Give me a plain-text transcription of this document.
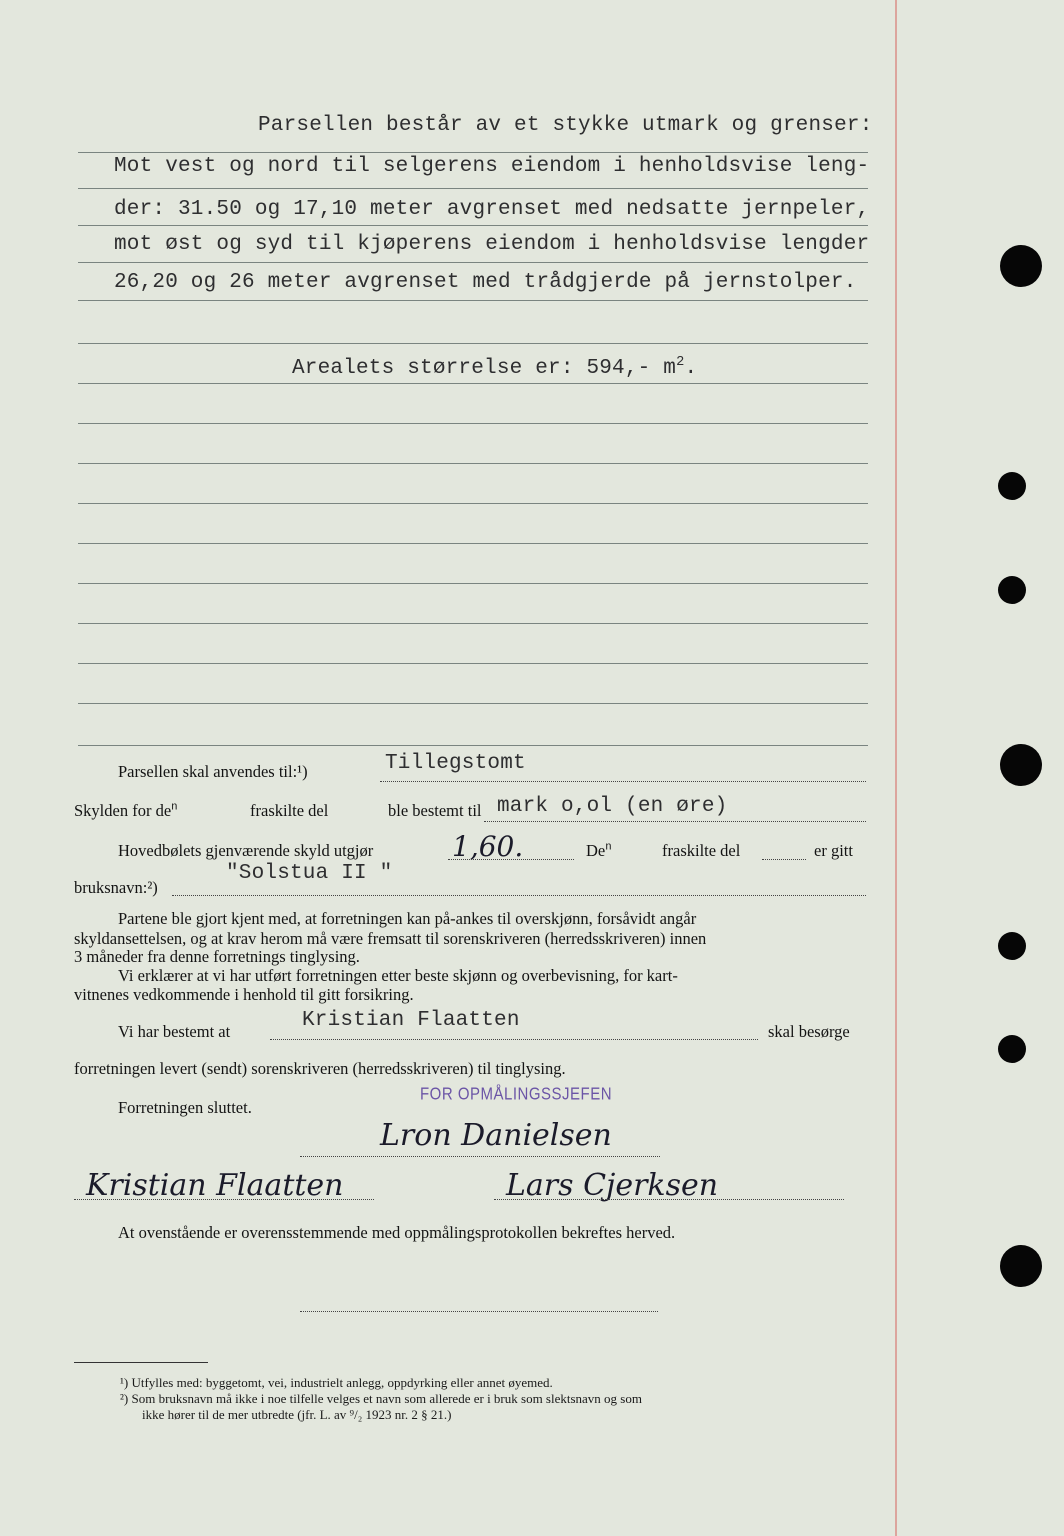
Parsellen består av et stykke utmark og grenser:
Mot vest og nord til selgerens eiendom i henholdsvise leng-
der: 31.50 og 17,10 meter avgrenset med nedsatte jernpeler,
mot øst og syd til kjøperens eiendom i henholdsvise lengder
26,20 og 26 meter avgrenset med trådgjerde på jernstolper.
Arealets størrelse er: 594,- $m^2$.
Parsellen skal anvendes til:¹)	Tillegstomt
Skylden for $de^n$	fraskilte del	ble bestemt til mark o,ol (en øre)
Hovedbølets gjenværende skyld utgjør	1,60.	De$^n$	fraskilte del	er gitt
bruksnavn:²)
"Solstua II "
Partene ble gjort kjent med, at forretningen kan på-ankes til overskjønn, forsåvidt angår
skyldansettelsen, og at krav herom må være fremsatt til sorenskriveren (herredsskriveren) innen
3 måneder fra denne forretnings tinglysing.
Vi erklærer at vi har utført forretningen etter beste skjønn og overbevisning, for kart-
vitnenes vedkommende i henhold til gitt forsikring.
Vi har bestemt at	Kristian Flaatten	skal besørge
forretningen levert (sendt) sorenskriveren (herredsskriveren) til tinglysing.
Forretningen sluttet.
FOR OPMÅLINGSSJEFEN
Lron Danielsen
Kristian Flaatten	Lars Cjerksen
At ovenstående er overensstemmende med oppmålingsprotokollen bekreftes herved.
¹) Utfylles med: byggetomt, vei, industrielt anlegg, oppdyrking eller annet øyemed.
²) Som bruksnavn må ikke i noe tilfelle velges et navn som allerede er i bruk som slektsnavn og som
ikke hører til de mer utbredte (jfr. L. av ⁹/₂ 1923 nr. 2 § 21.)
